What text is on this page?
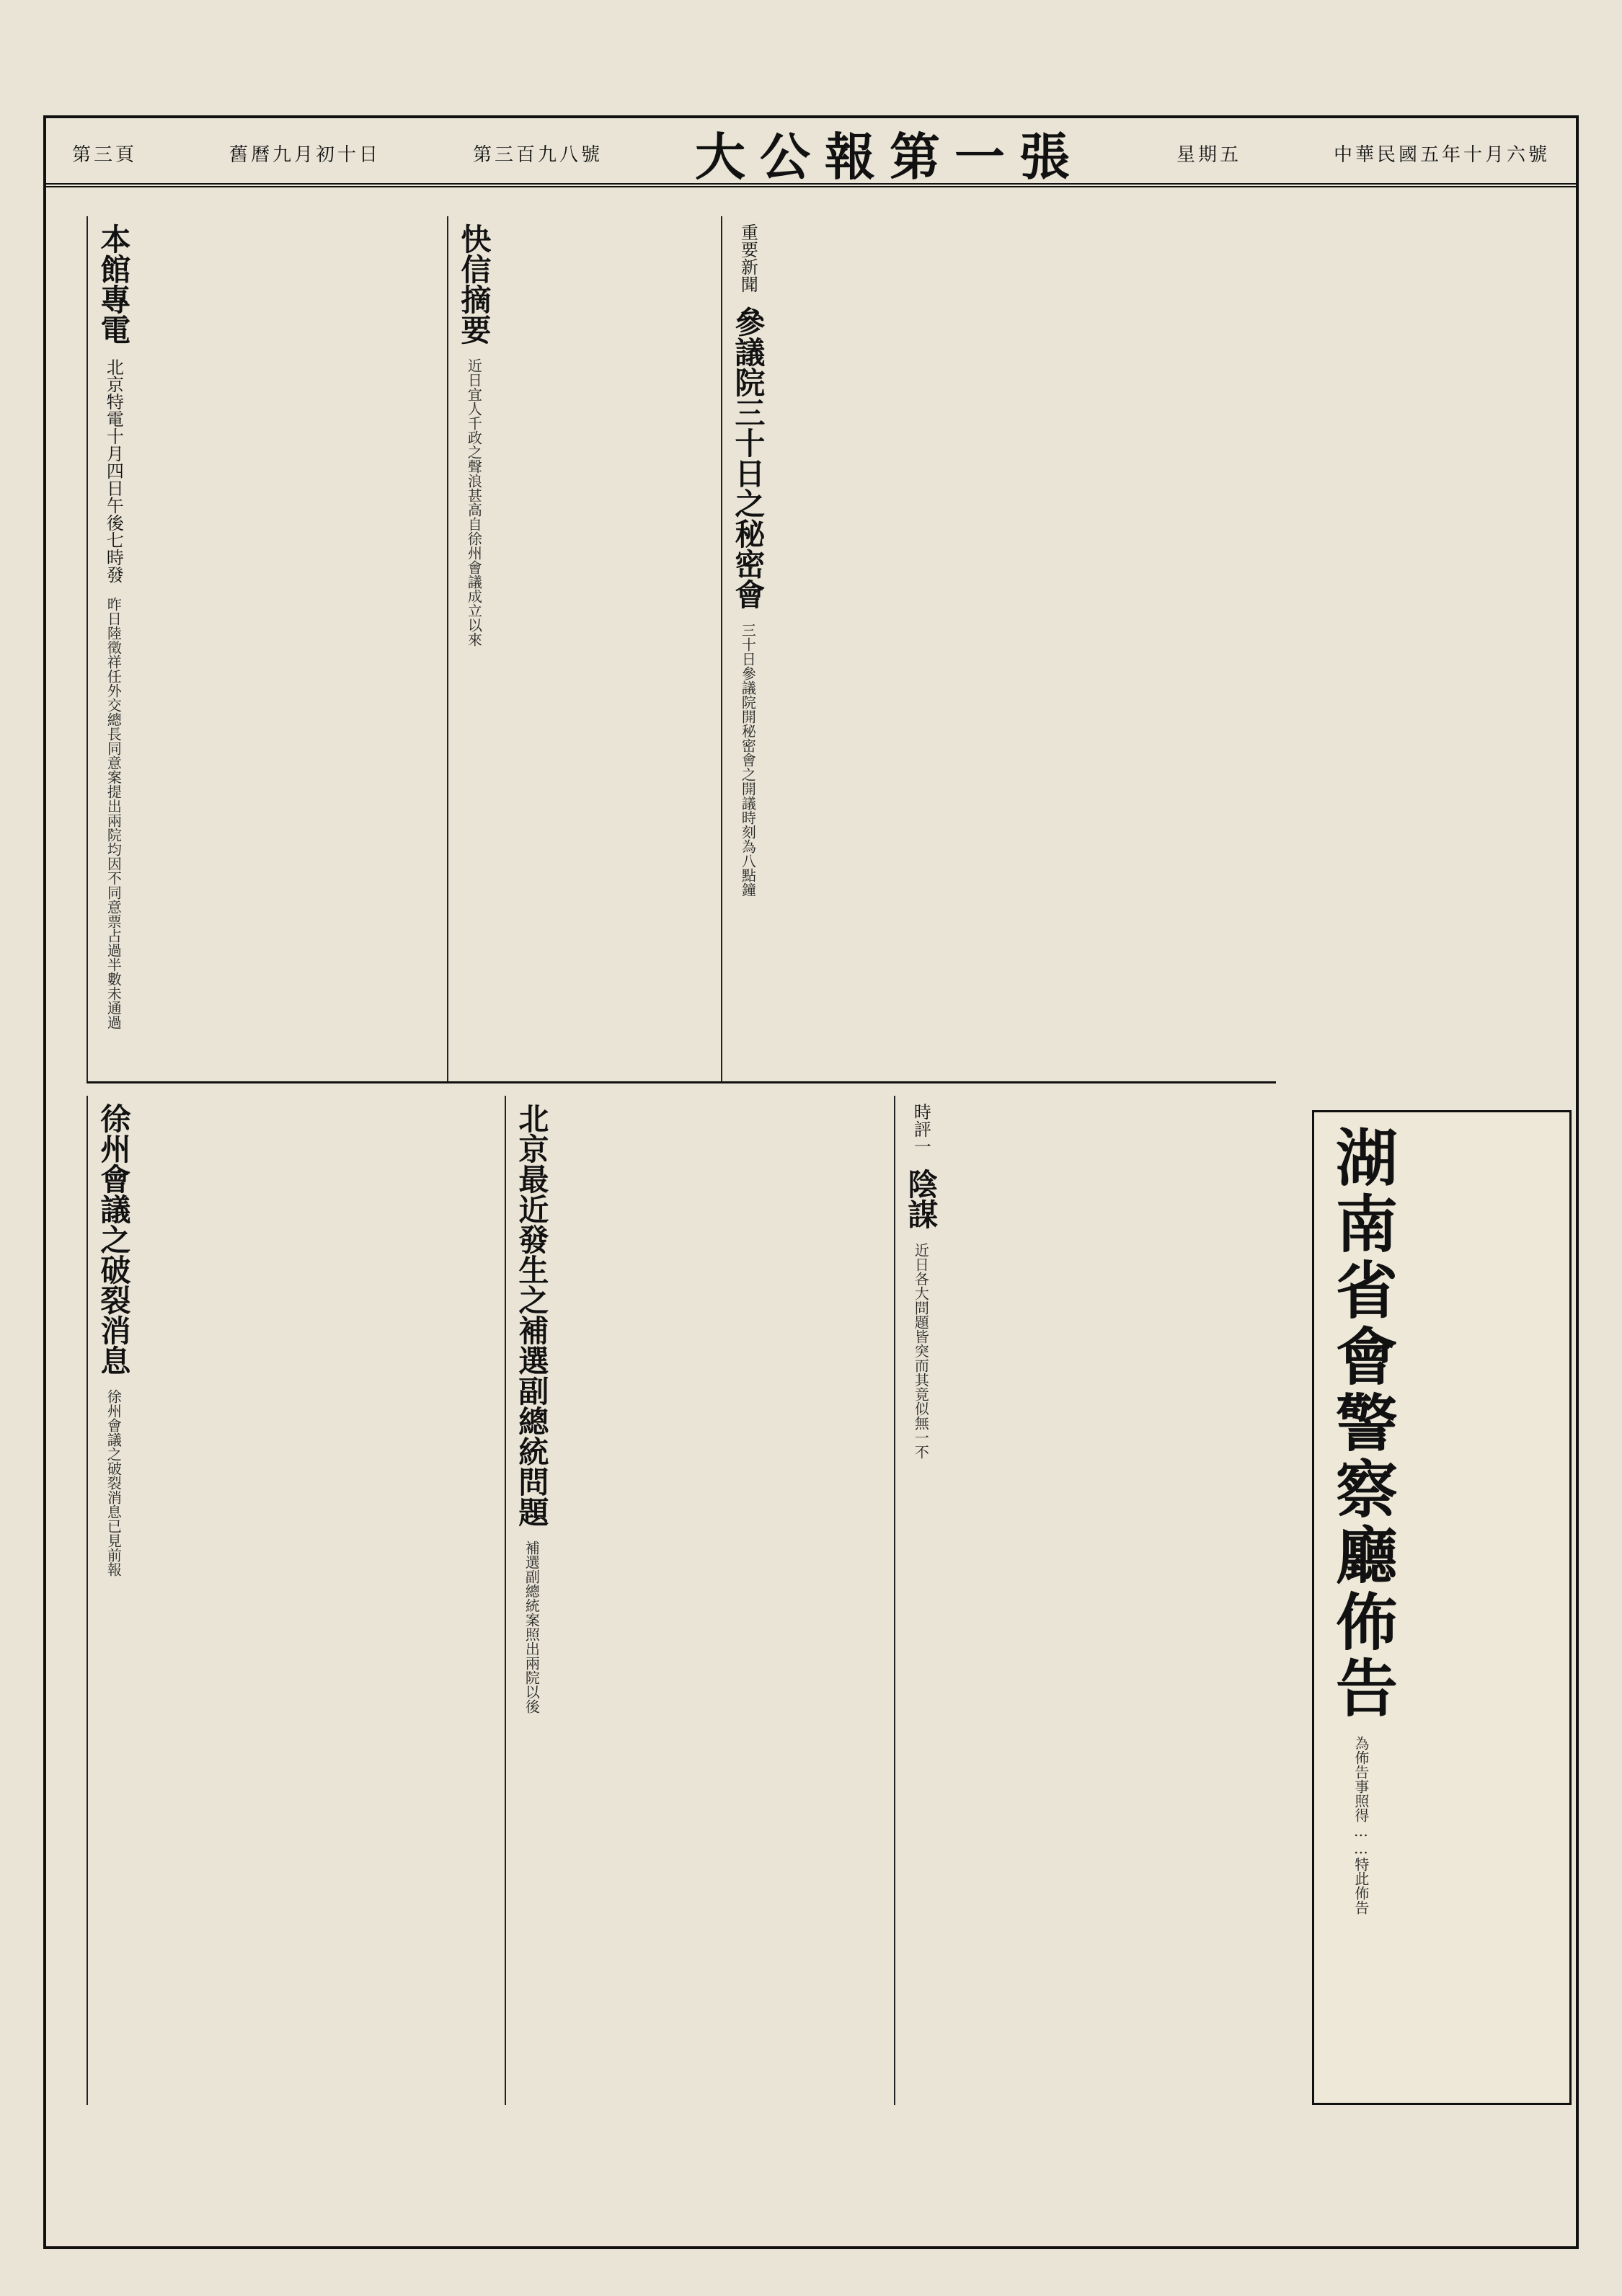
第三頁	舊曆九月初十日	第三百九八號 大公報第一張	星期五	中華民國五年十月六號
本館專電 北京特電十月四日午後七時發 昨日陸徵祥任外交總長同意案提出兩院均因不同意票占過半數未通過
快信摘要 近日宜人千政之聲浪甚高自徐州會議成立以來
重要新聞 參議院三十日之秘密會 三十日參議院開秘密會之開議時刻為八點鐘
徐州會議之破裂消息 徐州會議之破裂消息已見前報	北京最近發生之補選副總統問題 補選副總統案照出兩院以後
時評一 陰謀 近日各大問題皆突而其竟似無一不	湖南省會警察廳佈告 為佈告事照得……特此佈告
